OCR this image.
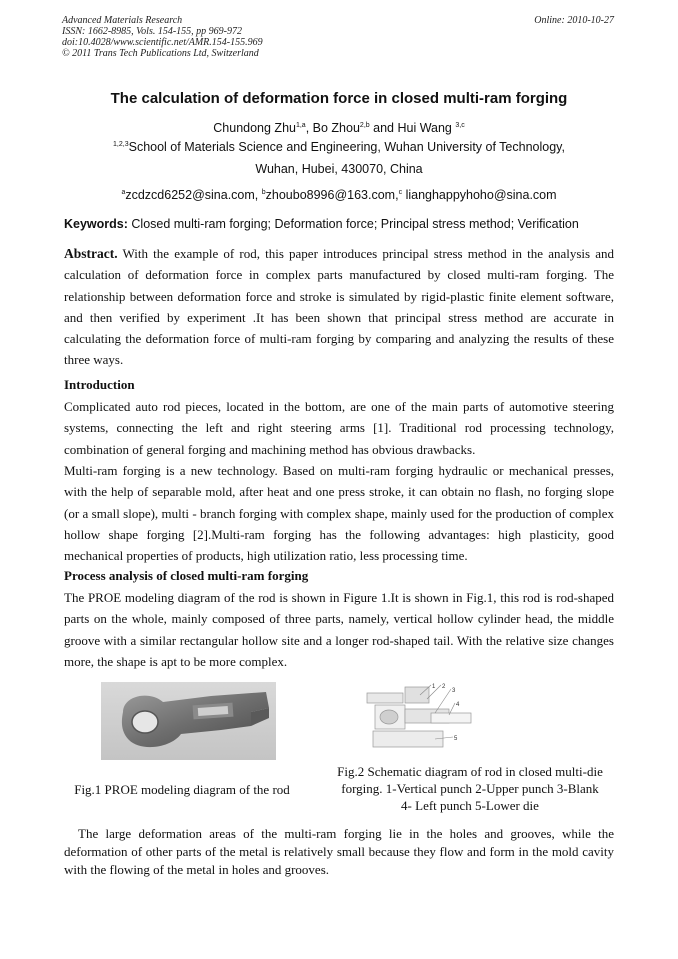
Advanced Materials Research
ISSN: 1662-8985, Vols. 154-155, pp 969-972
doi:10.4028/www.scientific.net/AMR.154-155.969
© 2011 Trans Tech Publications Ltd, Switzerland
Online: 2010-10-27
The calculation of deformation force in closed multi-ram forging
Chundong Zhu$^{1,a}$, Bo Zhou$^{2,b}$ and Hui Wang $^{3,c}$
$^{1,2,3}$School of Materials Science and Engineering, Wuhan University of Technology,
Wuhan, Hubei, 430070, China
$^a$zcdzcd6252@sina.com, $^b$zhoubo8996@163.com,$^c$ lianghappyhoho@sina.com
Keywords: Closed multi-ram forging; Deformation force; Principal stress method; Verification

Abstract. With the example of rod, this paper introduces principal stress method in the analysis and calculation of deformation force in complex parts manufactured by closed multi-ram forging. The relationship between deformation force and stroke is simulated by rigid-plastic finite element software, and then verified by experiment .It has been shown that principal stress method are accurate in calculating the deformation force of multi-ram forging by comparing and analyzing the results of these three ways.

Introduction

Complicated auto rod pieces, located in the bottom, are one of the main parts of automotive steering systems, connecting the left and right steering arms [1]. Traditional rod processing technology, combination of general forging and machining method has obvious drawbacks.

Multi-ram forging is a new technology. Based on multi-ram forging hydraulic or mechanical presses, with the help of separable mold, after heat and one press stroke, it can obtain no flash, no forging slope (or a small slope), multi - branch forging with complex shape, mainly used for the production of complex hollow shape forging [2].Multi-ram forging has the following advantages: high plasticity, good mechanical properties of products, high utilization ratio, less processing time.

Process analysis of closed multi-ram forging

The PROE modeling diagram of the rod is shown in Figure 1.It is shown in Fig.1, this rod is rod-shaped parts on the whole, mainly composed of three parts, namely, vertical hollow cylinder head, the middle groove with a similar rectangular hollow site and a longer rod-shaped tail. With the relative size changes more, the shape is apt to be more complex.

1 2
3
4
5
Fig.1 PROE modeling diagram of the rod
Fig.2 Schematic diagram of rod in closed multi-die
forging. 1-Vertical punch 2-Upper punch 3-Blank
4- Left punch 5-Lower die

The large deformation areas of the multi-ram forging lie in the holes and grooves, while the deformation of other parts of the metal is relatively small because they flow and form in the mold cavity with the flowing of the metal in holes and grooves.
